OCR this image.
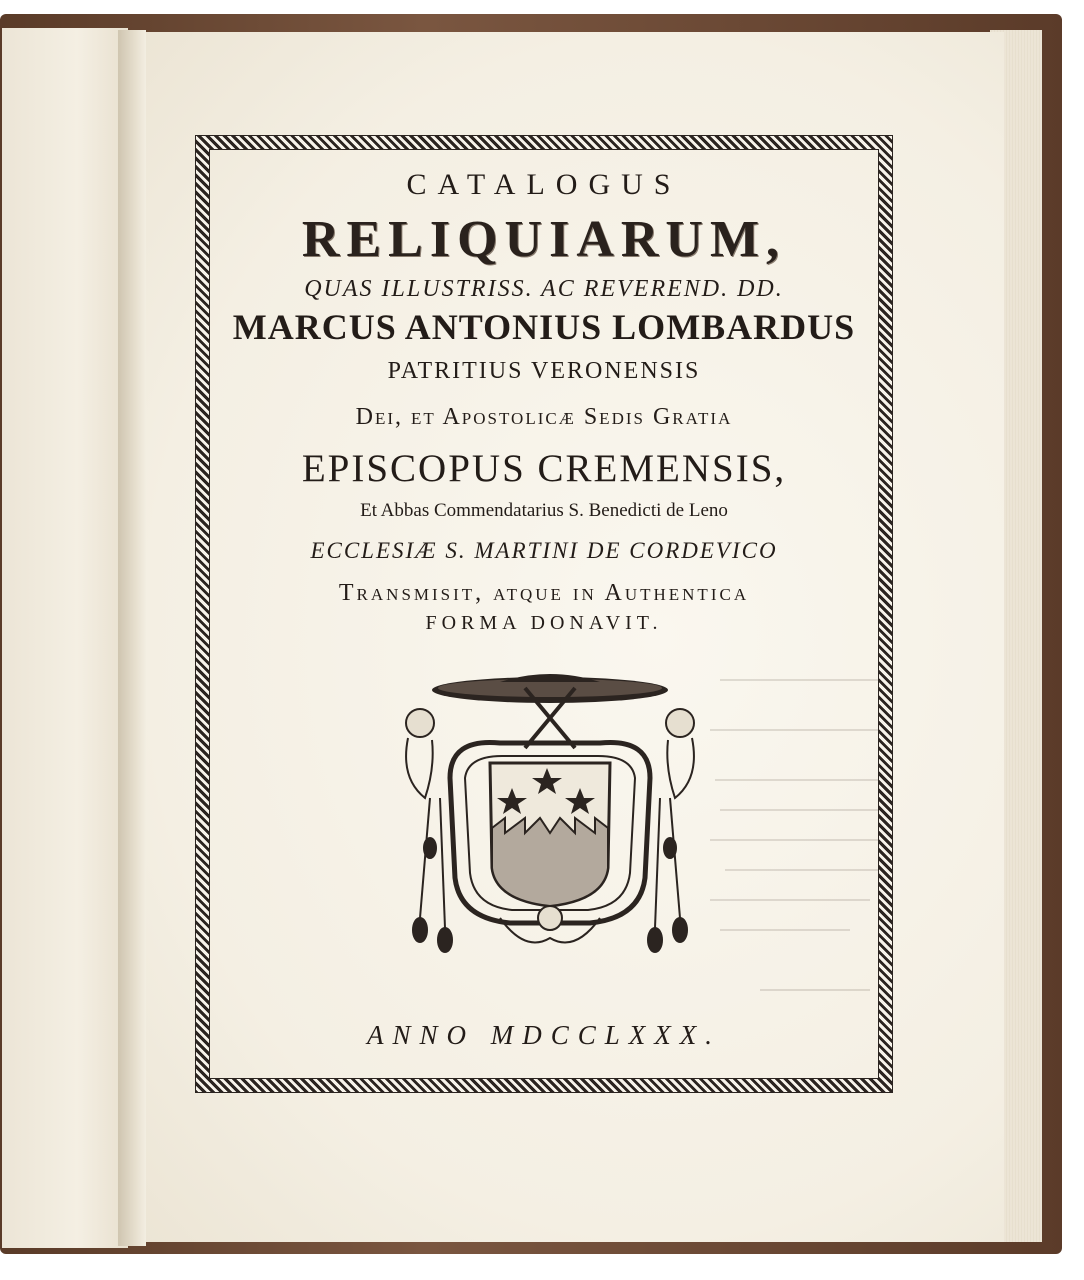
CATALOGUS
RELIQUIARUM,
QUAS ILLUSTRISS. AC REVEREND. DD.
MARCUS ANTONIUS LOMBARDUS
PATRITIUS VERONENSIS
Dei, et Apostolicæ Sedis Gratia
EPISCOPUS CREMENSIS,
Et Abbas Commendatarius S. Benedicti de Leno
ECCLESIÆ S. MARTINI DE CORDEVICO
Transmisit, atque in Authentica
FORMA DONAVIT.
ANNO MDCCLXXX.
